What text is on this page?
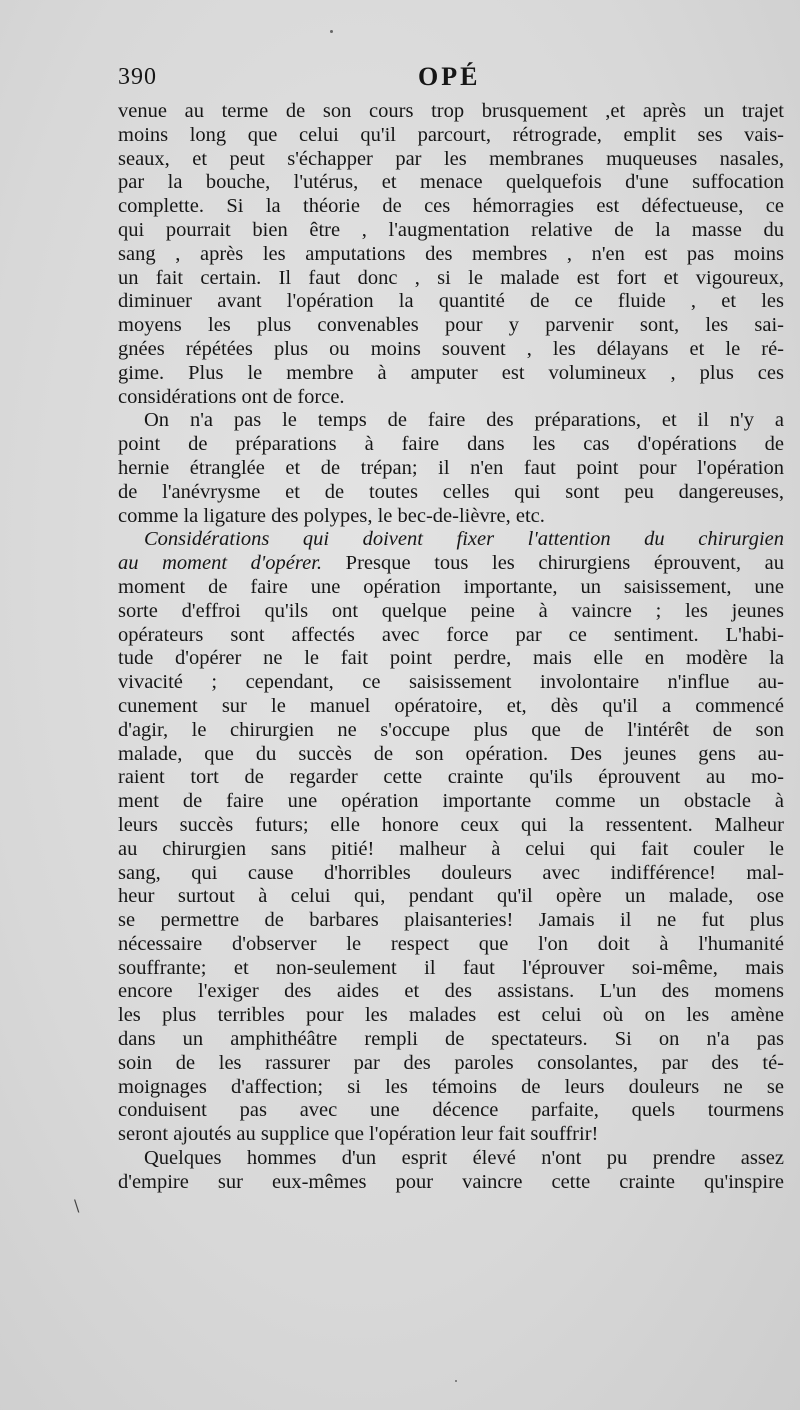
390	OPÉ
venue au terme de son cours trop brusquement ,et après un trajet
moins long que celui qu'il parcourt, rétrograde, emplit ses vais-
seaux, et peut s'échapper par les membranes muqueuses nasales,
par la bouche, l'utérus, et menace quelquefois d'une suffocation
complette. Si la théorie de ces hémorragies est défectueuse, ce
qui pourrait bien être , l'augmentation relative de la masse du
sang , après les amputations des membres , n'en est pas moins
un fait certain. Il faut donc , si le malade est fort et vigoureux,
diminuer avant l'opération la quantité de ce fluide , et les
moyens les plus convenables pour y parvenir sont, les sai-
gnées répétées plus ou moins souvent , les délayans et le ré-
gime. Plus le membre à amputer est volumineux , plus ces
considérations ont de force.
On n'a pas le temps de faire des préparations, et il n'y a
point de préparations à faire dans les cas d'opérations de
hernie étranglée et de trépan; il n'en faut point pour l'opération
de l'anévrysme et de toutes celles qui sont peu dangereuses,
comme la ligature des polypes, le bec-de-lièvre, etc.
Considérations qui doivent fixer l'attention du chirurgien
au moment d'opérer. Presque tous les chirurgiens éprouvent, au
moment de faire une opération importante, un saisissement, une
sorte d'effroi qu'ils ont quelque peine à vaincre ; les jeunes
opérateurs sont affectés avec force par ce sentiment. L'habi-
tude d'opérer ne le fait point perdre, mais elle en modère la
vivacité ; cependant, ce saisissement involontaire n'influe au-
cunement sur le manuel opératoire, et, dès qu'il a commencé
d'agir, le chirurgien ne s'occupe plus que de l'intérêt de son
malade, que du succès de son opération. Des jeunes gens au-
raient tort de regarder cette crainte qu'ils éprouvent au mo-
ment de faire une opération importante comme un obstacle à
leurs succès futurs; elle honore ceux qui la ressentent. Malheur
au chirurgien sans pitié! malheur à celui qui fait couler le
sang, qui cause d'horribles douleurs avec indifférence! mal-
heur surtout à celui qui, pendant qu'il opère un malade, ose
se permettre de barbares plaisanteries! Jamais il ne fut plus
nécessaire d'observer le respect que l'on doit à l'humanité
souffrante; et non-seulement il faut l'éprouver soi-même, mais
encore l'exiger des aides et des assistans. L'un des momens
les plus terribles pour les malades est celui où on les amène
dans un amphithéâtre rempli de spectateurs. Si on n'a pas
soin de les rassurer par des paroles consolantes, par des té-
moignages d'affection; si les témoins de leurs douleurs ne se
conduisent pas avec une décence parfaite, quels tourmens
seront ajoutés au supplice que l'opération leur fait souffrir!
Quelques hommes d'un esprit élevé n'ont pu prendre assez
d'empire sur eux-mêmes pour vaincre cette crainte qu'inspire
\
